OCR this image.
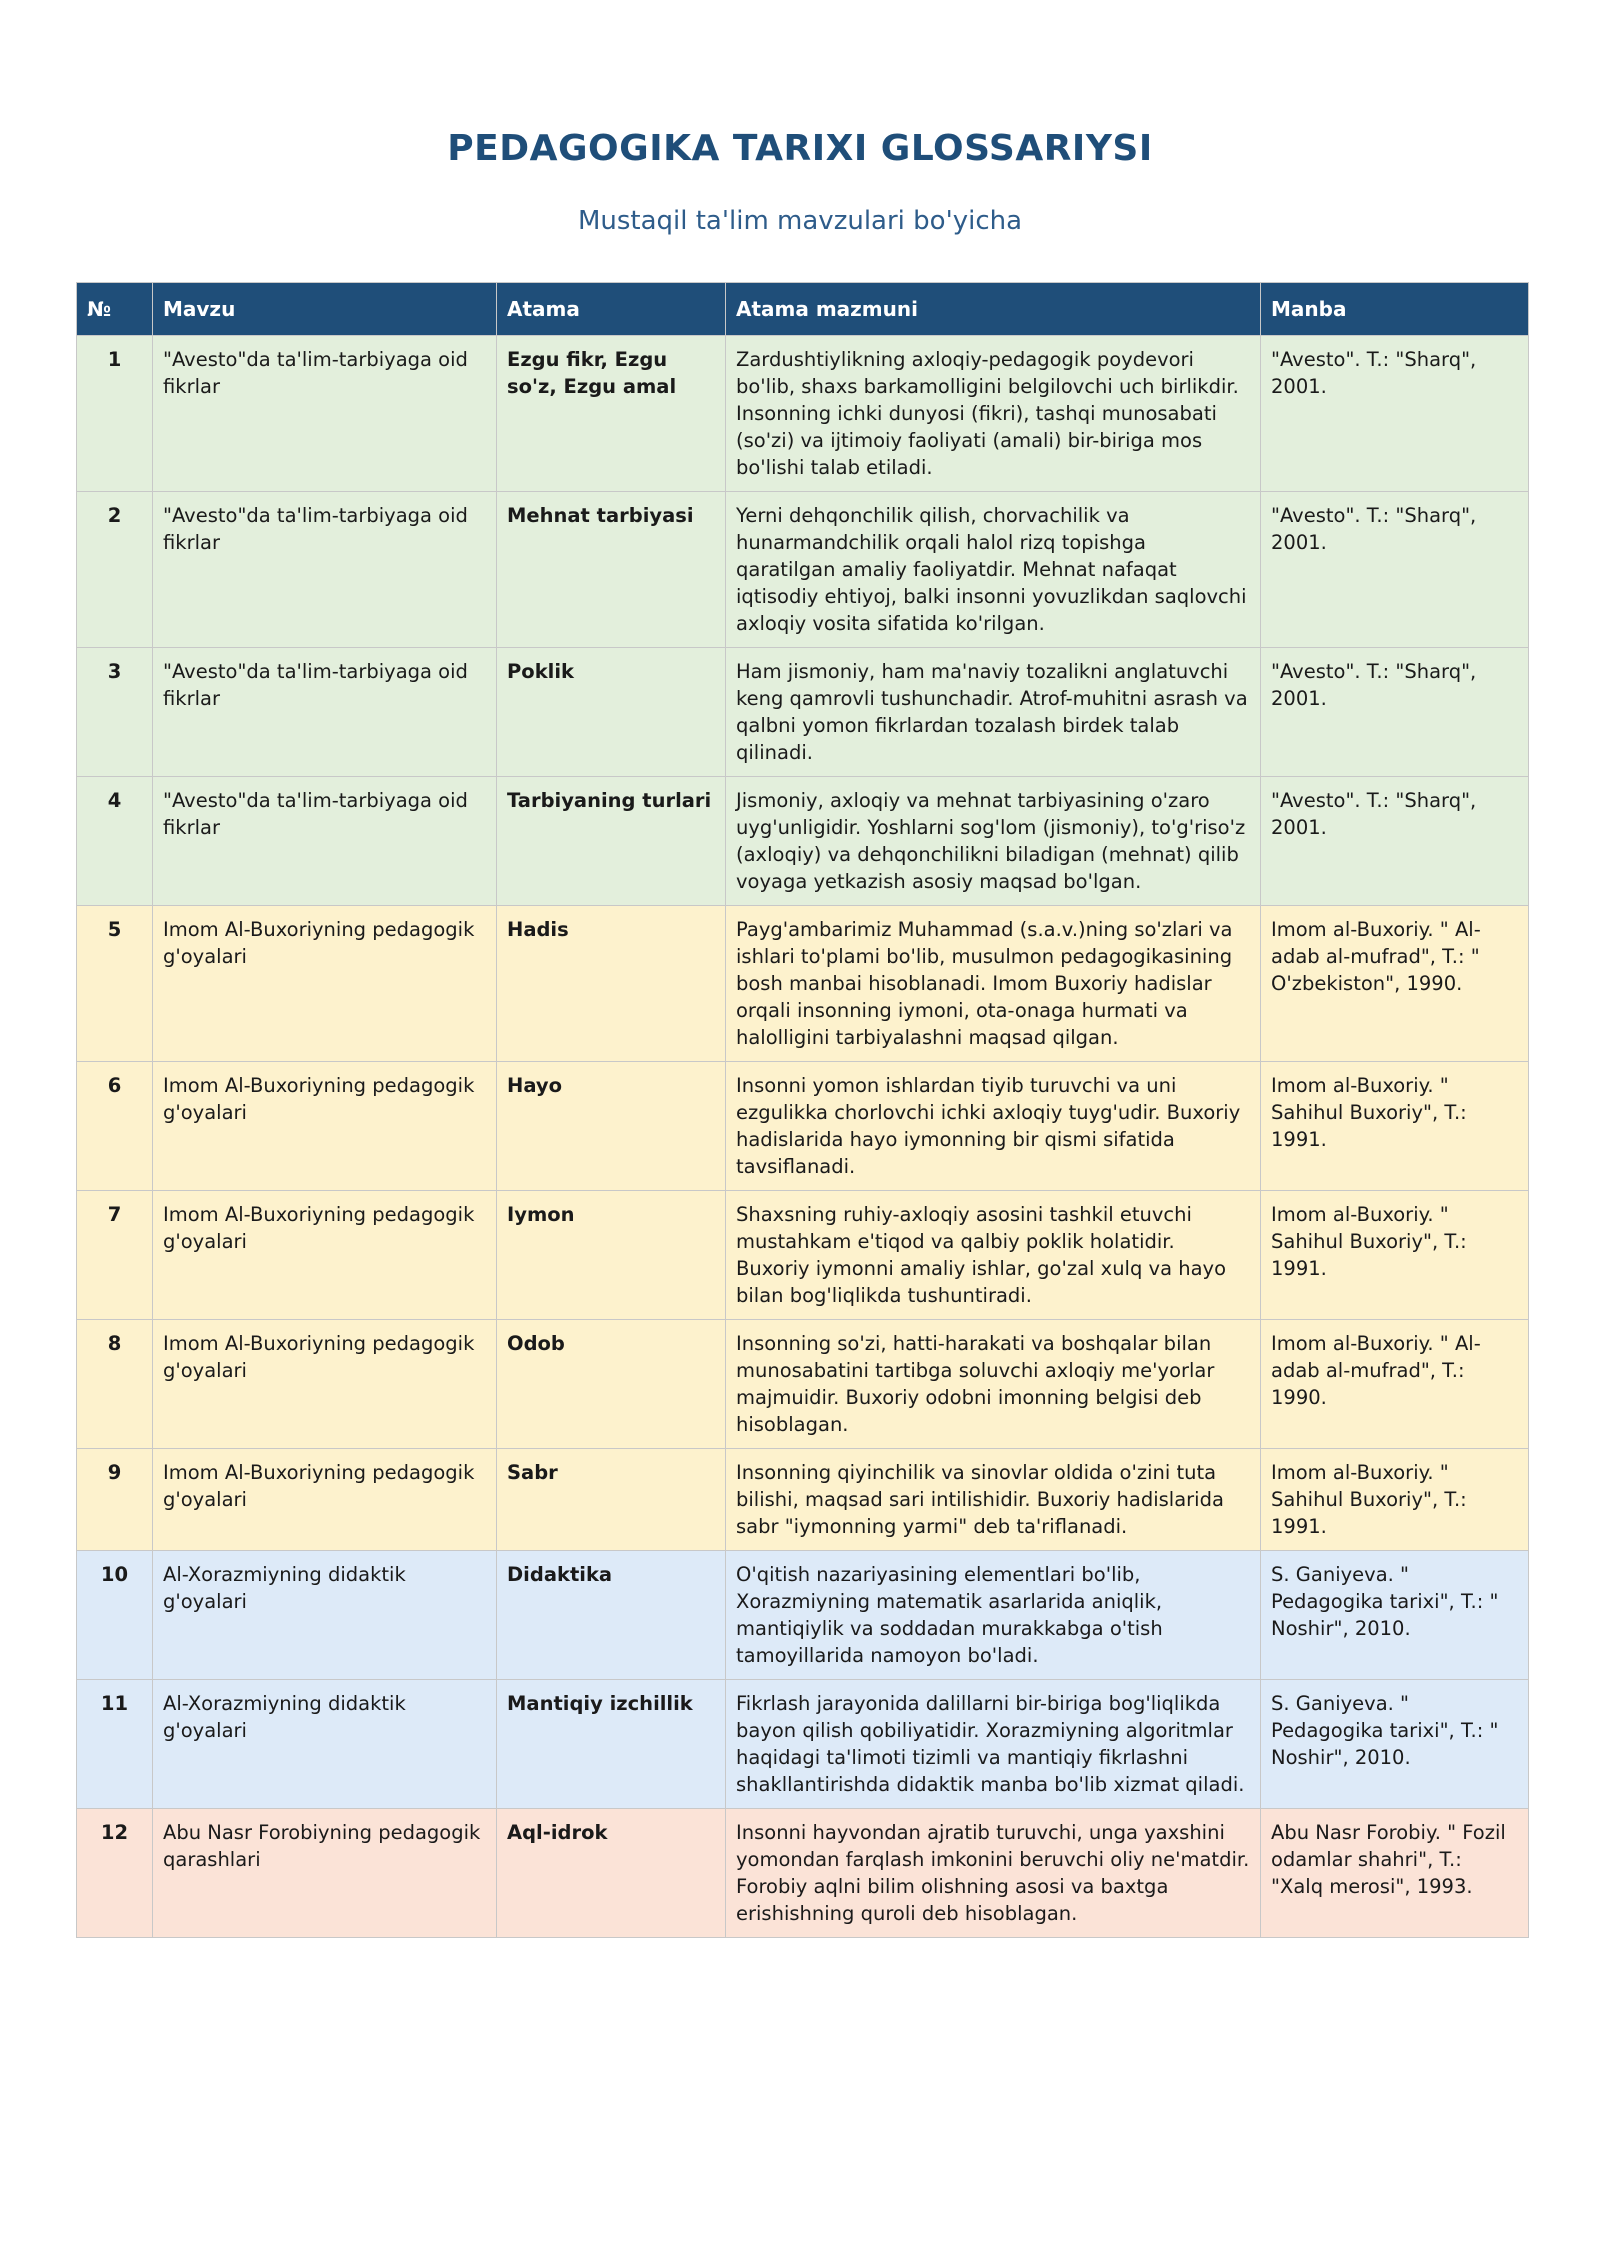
PEDAGOGIKA TARIXI GLOSSARIYSI
Mustaqil ta'lim mavzulari bo'yicha
№	Mavzu	Atama	Atama mazmuni	Manba
1	"Avesto"da ta'lim-tarbiyaga oid fikrlar	Ezgu fikr, Ezgu so'z, Ezgu amal	Zardushtiylikning axloqiy-pedagogik poydevori bo'lib, shaxs barkamolligini belgilovchi uch birlikdir. Insonning ichki dunyosi (fikri), tashqi munosabati (so'zi) va ijtimoiy faoliyati (amali) bir-biriga mos bo'lishi talab etiladi.	"Avesto". T.: "Sharq", 2001.
2	"Avesto"da ta'lim-tarbiyaga oid fikrlar	Mehnat tarbiyasi	Yerni dehqonchilik qilish, chorvachilik va hunarmandchilik orqali halol rizq topishga qaratilgan amaliy faoliyatdir. Mehnat nafaqat iqtisodiy ehtiyoj, balki insonni yovuzlikdan saqlovchi axloqiy vosita sifatida ko'rilgan.	"Avesto". T.: "Sharq", 2001.
3	"Avesto"da ta'lim-tarbiyaga oid fikrlar	Poklik	Ham jismoniy, ham ma'naviy tozalikni anglatuvchi keng qamrovli tushunchadir. Atrof-muhitni asrash va qalbni yomon fikrlardan tozalash birdek talab qilinadi.	"Avesto". T.: "Sharq", 2001.
4	"Avesto"da ta'lim-tarbiyaga oid fikrlar	Tarbiyaning turlari	Jismoniy, axloqiy va mehnat tarbiyasining o'zaro uyg'unligidir. Yoshlarni sog'lom (jismoniy), to'g'riso'z (axloqiy) va dehqonchilikni biladigan (mehnat) qilib voyaga yetkazish asosiy maqsad bo'lgan.	"Avesto". T.: "Sharq", 2001.
5	Imom Al-Buxoriyning pedagogik g'oyalari	Hadis	Payg'ambarimiz Muhammad (s.a.v.)ning so'zlari va ishlari to'plami bo'lib, musulmon pedagogikasining bosh manbai hisoblanadi. Imom Buxoriy hadislar orqali insonning iymoni, ota-onaga hurmati va halolligini tarbiyalashni maqsad qilgan.	Imom al-Buxoriy. " Al-adab al-mufrad", T.: " O'zbekiston", 1990.
6	Imom Al-Buxoriyning pedagogik g'oyalari	Hayo	Insonni yomon ishlardan tiyib turuvchi va uni ezgulikka chorlovchi ichki axloqiy tuyg'udir. Buxoriy hadislarida hayo iymonning bir qismi sifatida tavsiflanadi.	Imom al-Buxoriy. " Sahihul Buxoriy", T.: 1991.
7	Imom Al-Buxoriyning pedagogik g'oyalari	Iymon	Shaxsning ruhiy-axloqiy asosini tashkil etuvchi mustahkam e'tiqod va qalbiy poklik holatidir. Buxoriy iymonni amaliy ishlar, go'zal xulq va hayo bilan bog'liqlikda tushuntiradi.	Imom al-Buxoriy. " Sahihul Buxoriy", T.: 1991.
8	Imom Al-Buxoriyning pedagogik g'oyalari	Odob	Insonning so'zi, hatti-harakati va boshqalar bilan munosabatini tartibga soluvchi axloqiy me'yorlar majmuidir. Buxoriy odobni imonning belgisi deb hisoblagan.	Imom al-Buxoriy. " Al-adab al-mufrad", T.: 1990.
9	Imom Al-Buxoriyning pedagogik g'oyalari	Sabr	Insonning qiyinchilik va sinovlar oldida o'zini tuta bilishi, maqsad sari intilishidir. Buxoriy hadislarida sabr "iymonning yarmi" deb ta'riflanadi.	Imom al-Buxoriy. " Sahihul Buxoriy", T.: 1991.
10	Al-Xorazmiyning didaktik g'oyalari	Didaktika	O'qitish nazariyasining elementlari bo'lib, Xorazmiyning matematik asarlarida aniqlik, mantiqiylik va soddadan murakkabga o'tish tamoyillarida namoyon bo'ladi.	S. Ganiyeva. " Pedagogika tarixi", T.: " Noshir", 2010.
11	Al-Xorazmiyning didaktik g'oyalari	Mantiqiy izchillik	Fikrlash jarayonida dalillarni bir-biriga bog'liqlikda bayon qilish qobiliyatidir. Xorazmiyning algoritmlar haqidagi ta'limoti tizimli va mantiqiy fikrlashni shakllantirishda didaktik manba bo'lib xizmat qiladi.	S. Ganiyeva. " Pedagogika tarixi", T.: " Noshir", 2010.
12	Abu Nasr Forobiyning pedagogik qarashlari	Aql-idrok	Insonni hayvondan ajratib turuvchi, unga yaxshini yomondan farqlash imkonini beruvchi oliy ne'matdir. Forobiy aqlni bilim olishning asosi va baxtga erishishning quroli deb hisoblagan.	Abu Nasr Forobiy. " Fozil odamlar shahri", T.: "Xalq merosi", 1993.
